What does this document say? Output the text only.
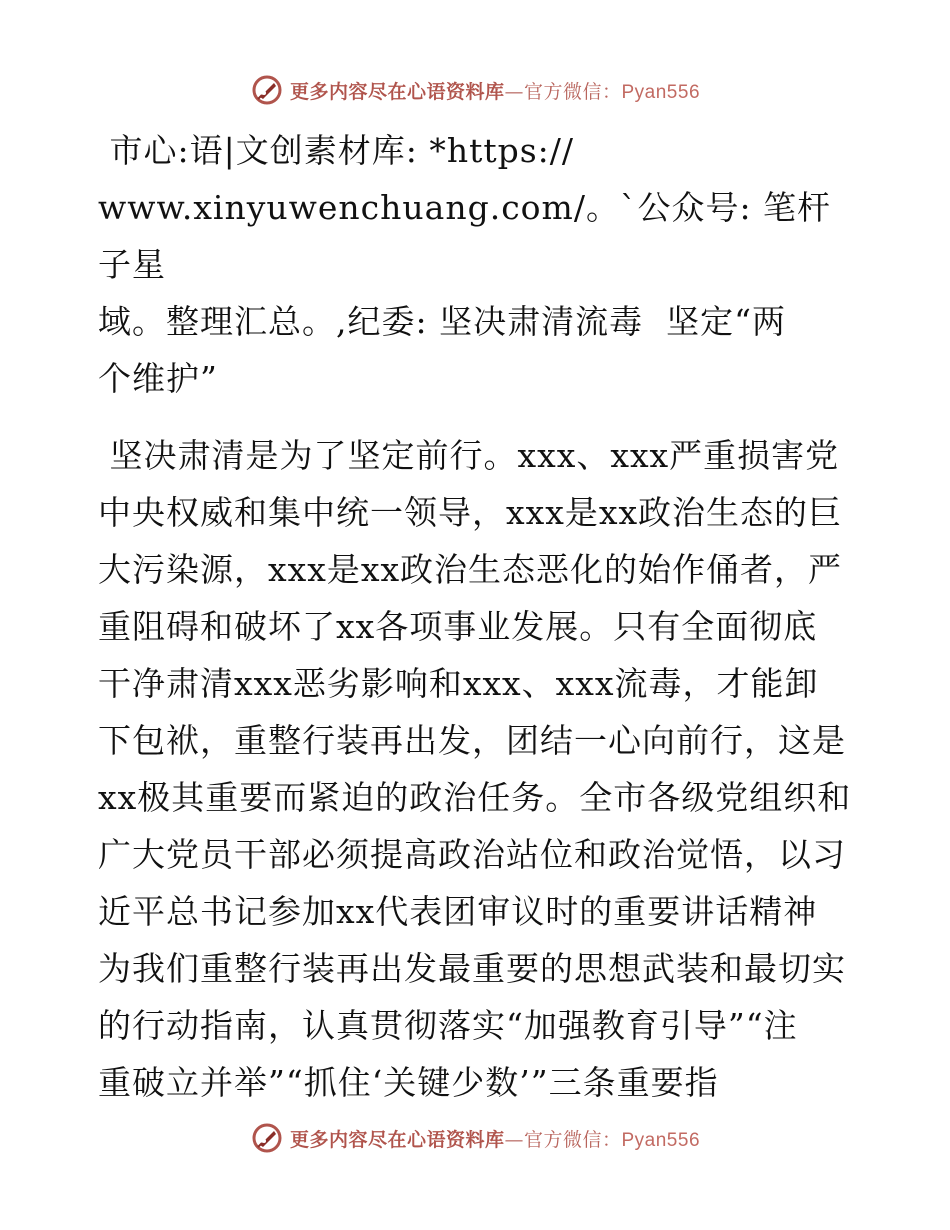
更多内容尽在心语资料库—官方微信：Pyan556

市心:语|文创素材库: *https://
www.xinyuwenchuang.com/。`公众号: 笔杆子星
域。整理汇总。,纪委: 坚决肃清流毒  坚定“两
个维护”

坚决肃清是为了坚定前行。xxx、xxx严重损害党
中央权威和集中统一领导，xxx是xx政治生态的巨
大污染源，xxx是xx政治生态恶化的始作俑者，严
重阻碍和破坏了xx各项事业发展。只有全面彻底
干净肃清xxx恶劣影响和xxx、xxx流毒，才能卸
下包袱，重整行装再出发，团结一心向前行，这是
xx极其重要而紧迫的政治任务。全市各级党组织和
广大党员干部必须提高政治站位和政治觉悟，以习
近平总书记参加xx代表团审议时的重要讲话精神
为我们重整行装再出发最重要的思想武装和最切实
的行动指南，认真贯彻落实“加强教育引导”“注
重破立并举”“抓住‘关键少数’”三条重要指

更多内容尽在心语资料库—官方微信：Pyan556
